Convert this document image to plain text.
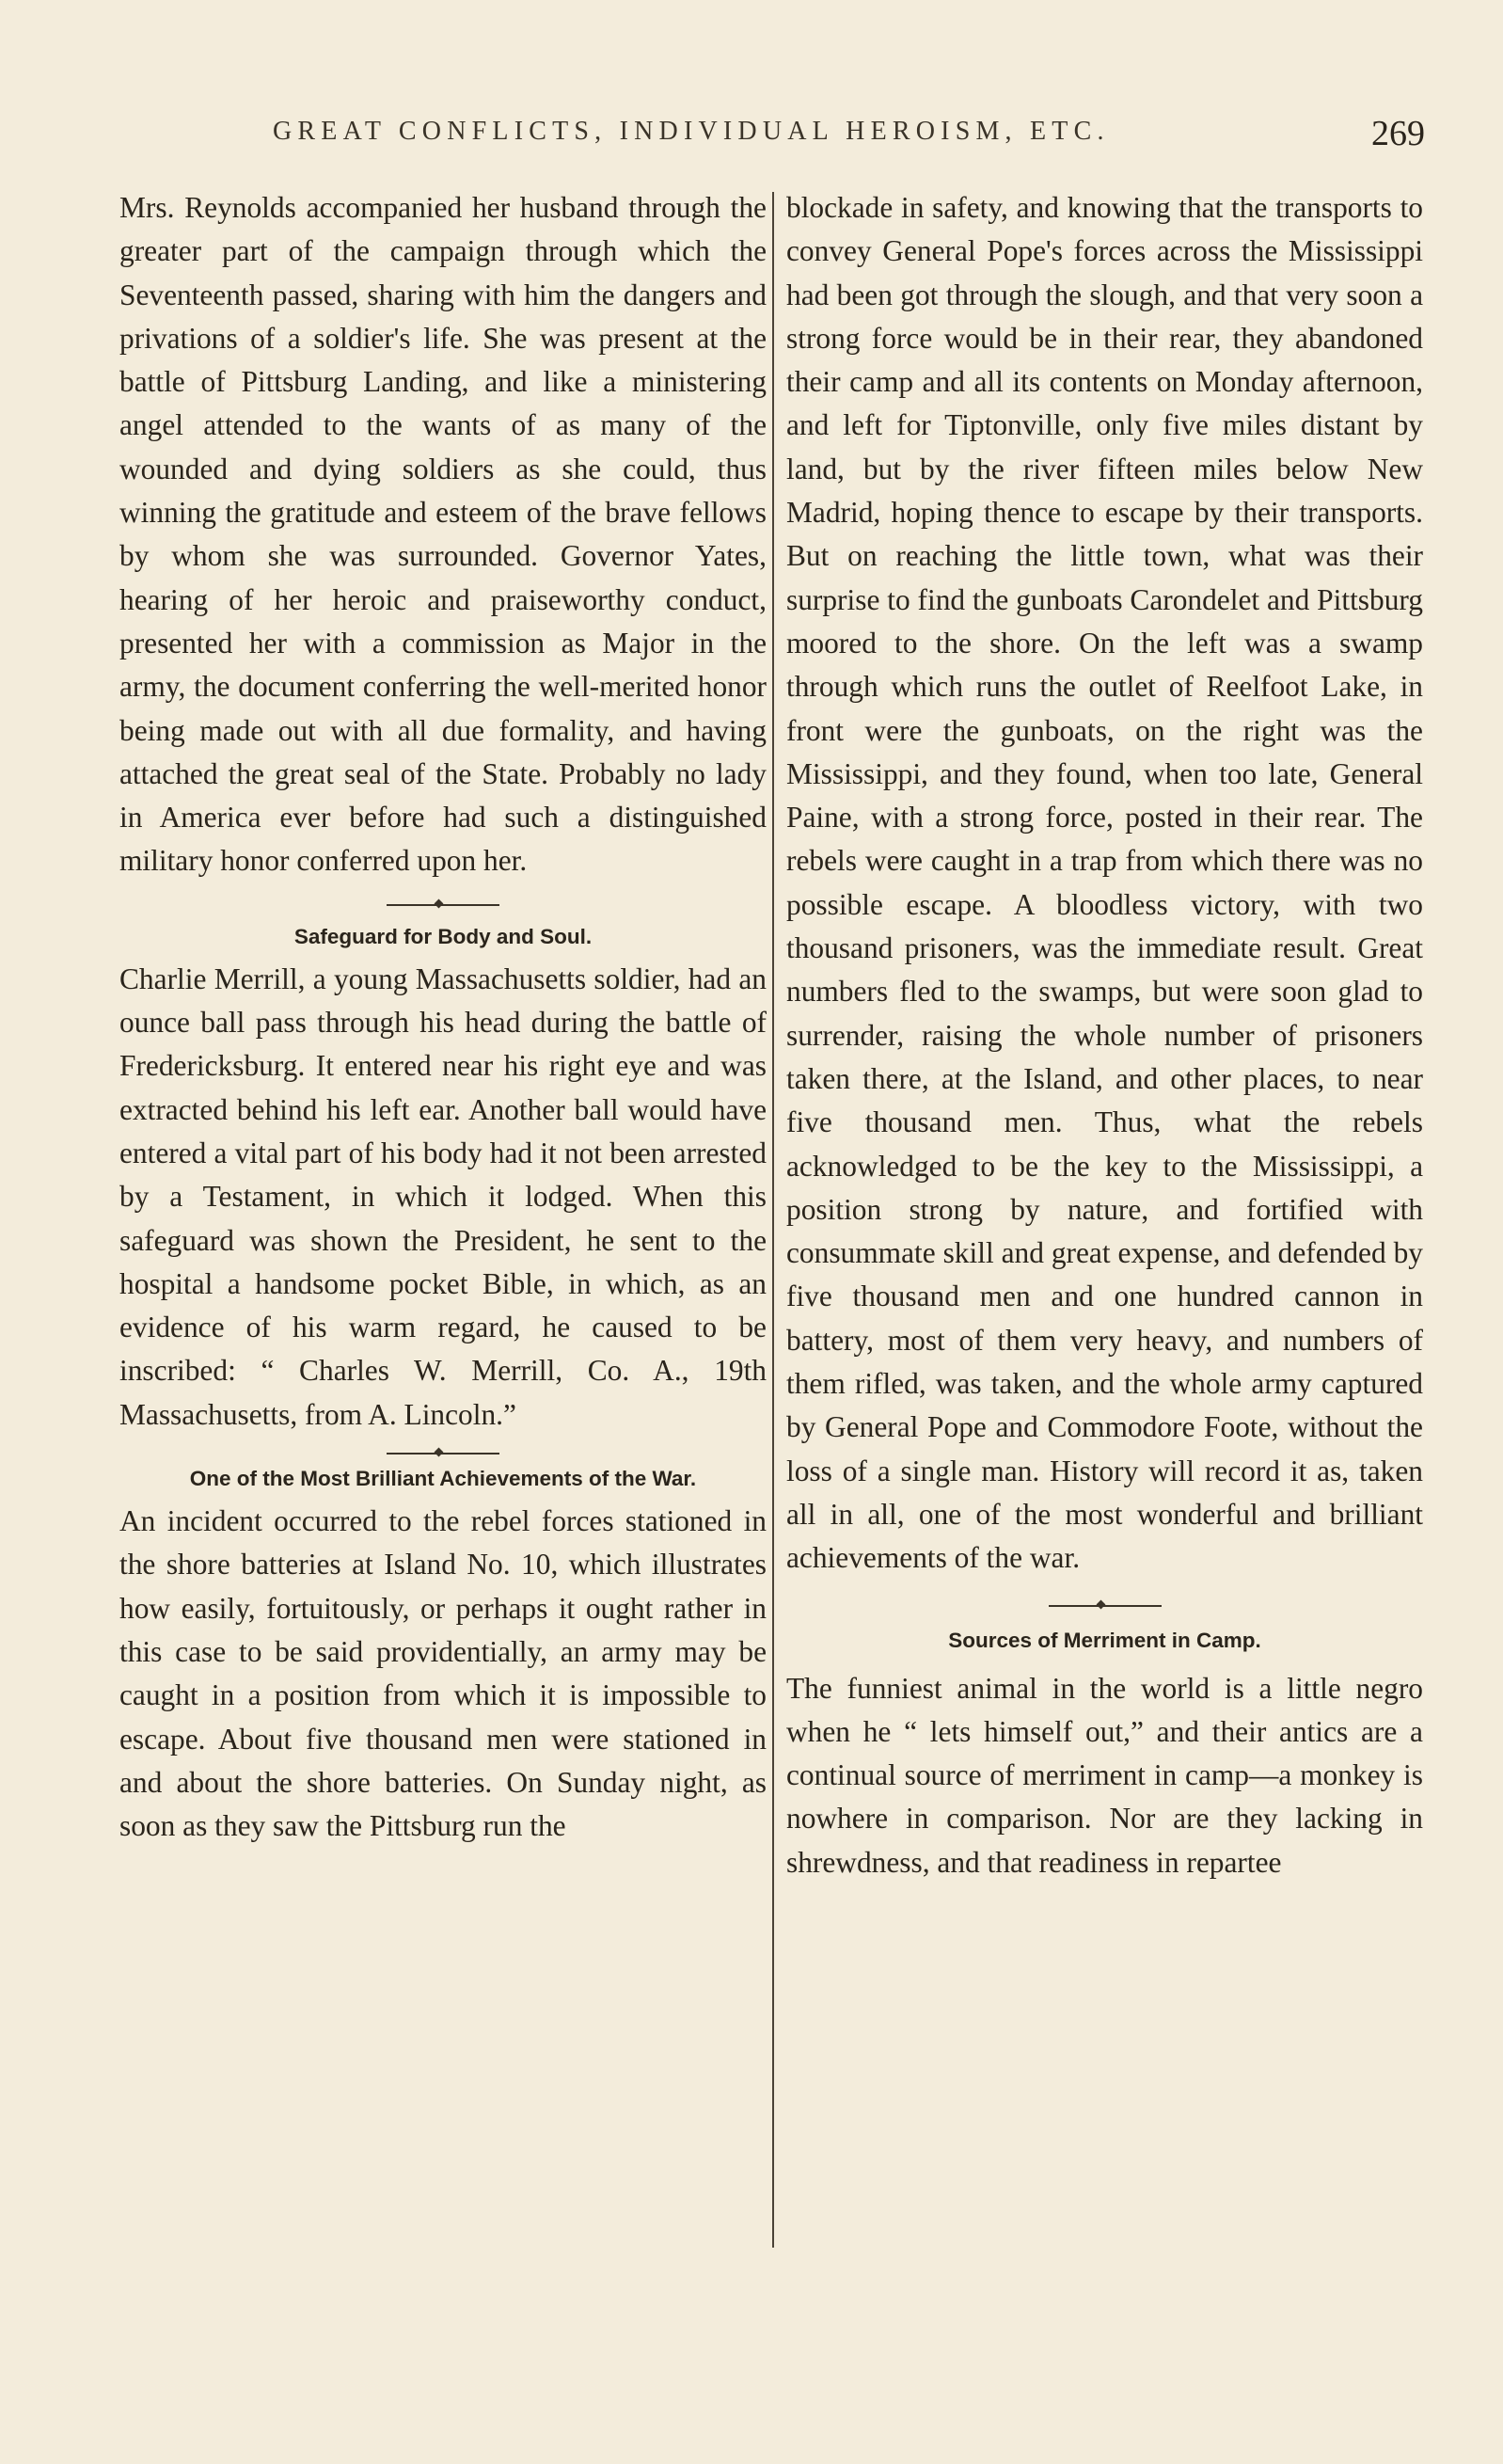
GREAT CONFLICTS, INDIVIDUAL HEROISM, ETC.	269

Mrs. Reynolds accompanied her husband through the greater part of the campaign through which the Seventeenth passed, sharing with him the dangers and privations of a soldier's life. She was present at the battle of Pittsburg Landing, and like a ministering angel attended to the wants of as many of the wounded and dying soldiers as she could, thus winning the gratitude and esteem of the brave fellows by whom she was surrounded. Governor Yates, hearing of her heroic and praiseworthy conduct, presented her with a commission as Major in the army, the document conferring the well-merited honor being made out with all due formality, and having attached the great seal of the State. Probably no lady in America ever before had such a distinguished military honor conferred upon her.

Safeguard for Body and Soul.

Charlie Merrill, a young Massachusetts soldier, had an ounce ball pass through his head during the battle of Fredericksburg. It entered near his right eye and was extracted behind his left ear. Another ball would have entered a vital part of his body had it not been arrested by a Testament, in which it lodged. When this safeguard was shown the President, he sent to the hospital a handsome pocket Bible, in which, as an evidence of his warm regard, he caused to be inscribed: “ Charles W. Merrill, Co. A., 19th Massachusetts, from A. Lincoln.”

One of the Most Brilliant Achievements of the War.

An incident occurred to the rebel forces stationed in the shore batteries at Island No. 10, which illustrates how easily, fortuitously, or perhaps it ought rather in this case to be said providentially, an army may be caught in a position from which it is impossible to escape. About five thousand men were stationed in and about the shore batteries. On Sunday night, as soon as they saw the Pittsburg run the

blockade in safety, and knowing that the transports to convey General Pope's forces across the Mississippi had been got through the slough, and that very soon a strong force would be in their rear, they abandoned their camp and all its contents on Monday afternoon, and left for Tiptonville, only five miles distant by land, but by the river fifteen miles below New Madrid, hoping thence to escape by their transports. But on reaching the little town, what was their surprise to find the gunboats Carondelet and Pittsburg moored to the shore. On the left was a swamp through which runs the outlet of Reelfoot Lake, in front were the gunboats, on the right was the Mississippi, and they found, when too late, General Paine, with a strong force, posted in their rear. The rebels were caught in a trap from which there was no possible escape. A bloodless victory, with two thousand prisoners, was the immediate result. Great numbers fled to the swamps, but were soon glad to surrender, raising the whole number of prisoners taken there, at the Island, and other places, to near five thousand men. Thus, what the rebels acknowledged to be the key to the Mississippi, a position strong by nature, and fortified with consummate skill and great expense, and defended by five thousand men and one hundred cannon in battery, most of them very heavy, and numbers of them rifled, was taken, and the whole army captured by General Pope and Commodore Foote, without the loss of a single man. History will record it as, taken all in all, one of the most wonderful and brilliant achievements of the war.

Sources of Merriment in Camp.

The funniest animal in the world is a little negro when he “ lets himself out,” and their antics are a continual source of merriment in camp—a monkey is nowhere in comparison. Nor are they lacking in shrewdness, and that readiness in repartee
